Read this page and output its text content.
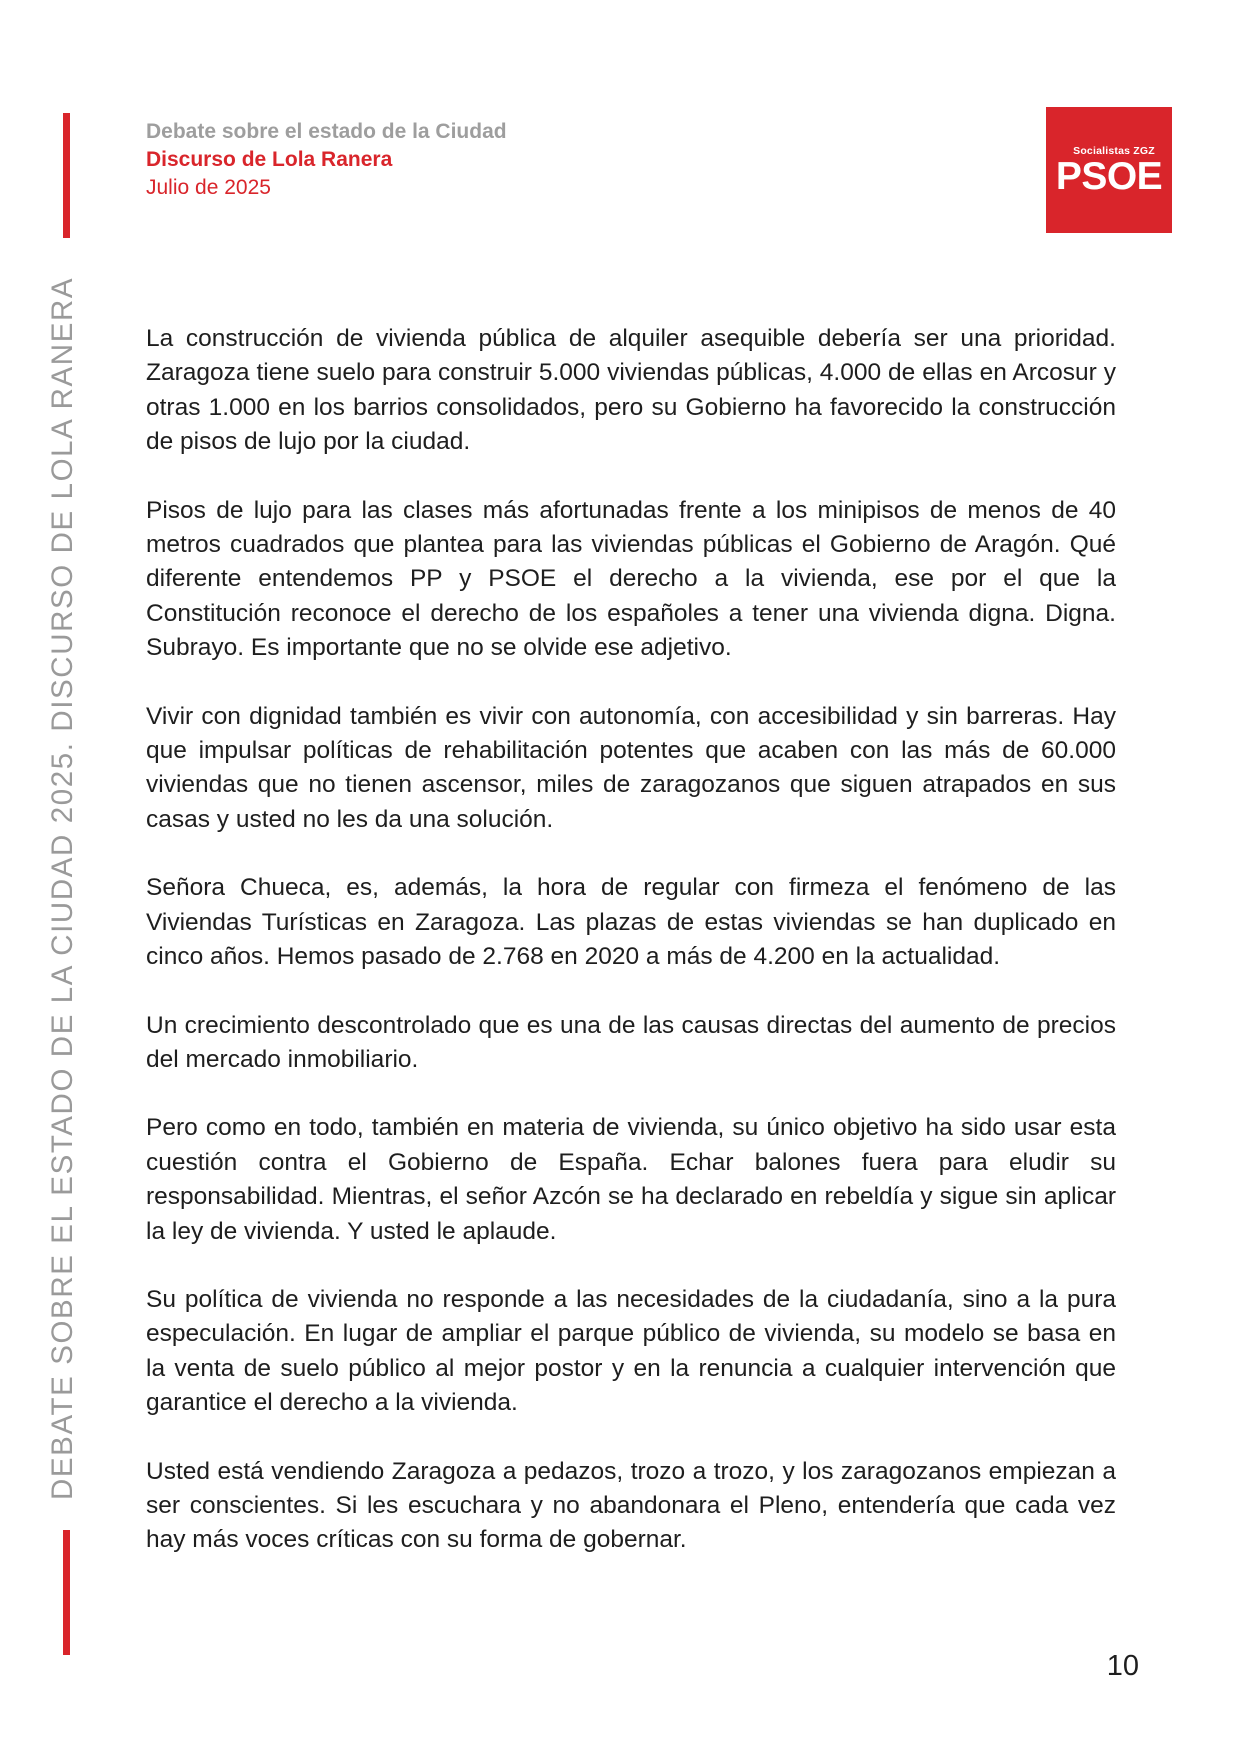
DEBATE SOBRE EL ESTADO DE LA CIUDAD 2025. DISCURSO DE LOLA RANERA

Debate sobre el estado de la Ciudad

Discurso de Lola Ranera

Julio de 2025

Socialistas ZGZ
PSOE

La construcción de vivienda pública de alquiler asequible debería ser una prioridad. Zaragoza tiene suelo para construir 5.000 viviendas públicas, 4.000 de ellas en Arcosur y otras 1.000 en los barrios consolidados, pero su Gobierno ha favorecido la construcción de pisos de lujo por la ciudad.

Pisos de lujo para las clases más afortunadas frente a los minipisos de menos de 40 metros cuadrados que plantea para las viviendas públicas el Gobierno de Aragón. Qué diferente entendemos PP y PSOE el derecho a la vivienda, ese por el que la Constitución reconoce el derecho de los españoles a tener una vivienda digna. Digna. Subrayo. Es importante que no se olvide ese adjetivo.

Vivir con dignidad también es vivir con autonomía, con accesibilidad y sin barreras. Hay que impulsar políticas de rehabilitación potentes que acaben con las más de 60.000 viviendas que no tienen ascensor, miles de zaragozanos que siguen atrapados en sus casas y usted no les da una solución.

Señora Chueca, es, además, la hora de regular con firmeza el fenómeno de las Viviendas Turísticas en Zaragoza. Las plazas de estas viviendas se han duplicado en cinco años. Hemos pasado de 2.768 en 2020 a más de 4.200 en la actualidad.

Un crecimiento descontrolado que es una de las causas directas del aumento de precios del mercado inmobiliario.

Pero como en todo, también en materia de vivienda, su único objetivo ha sido usar esta cuestión contra el Gobierno de España. Echar balones fuera para eludir su responsabilidad. Mientras, el señor Azcón se ha declarado en rebeldía y sigue sin aplicar la ley de vivienda. Y usted le aplaude.

Su política de vivienda no responde a las necesidades de la ciudadanía, sino a la pura especulación. En lugar de ampliar el parque público de vivienda, su modelo se basa en la venta de suelo público al mejor postor y en la renuncia a cualquier intervención que garantice el derecho a la vivienda.

Usted está vendiendo Zaragoza a pedazos, trozo a trozo, y los zaragozanos empiezan a ser conscientes. Si les escuchara y no abandonara el Pleno, entendería que cada vez hay más voces críticas con su forma de gobernar.

10
